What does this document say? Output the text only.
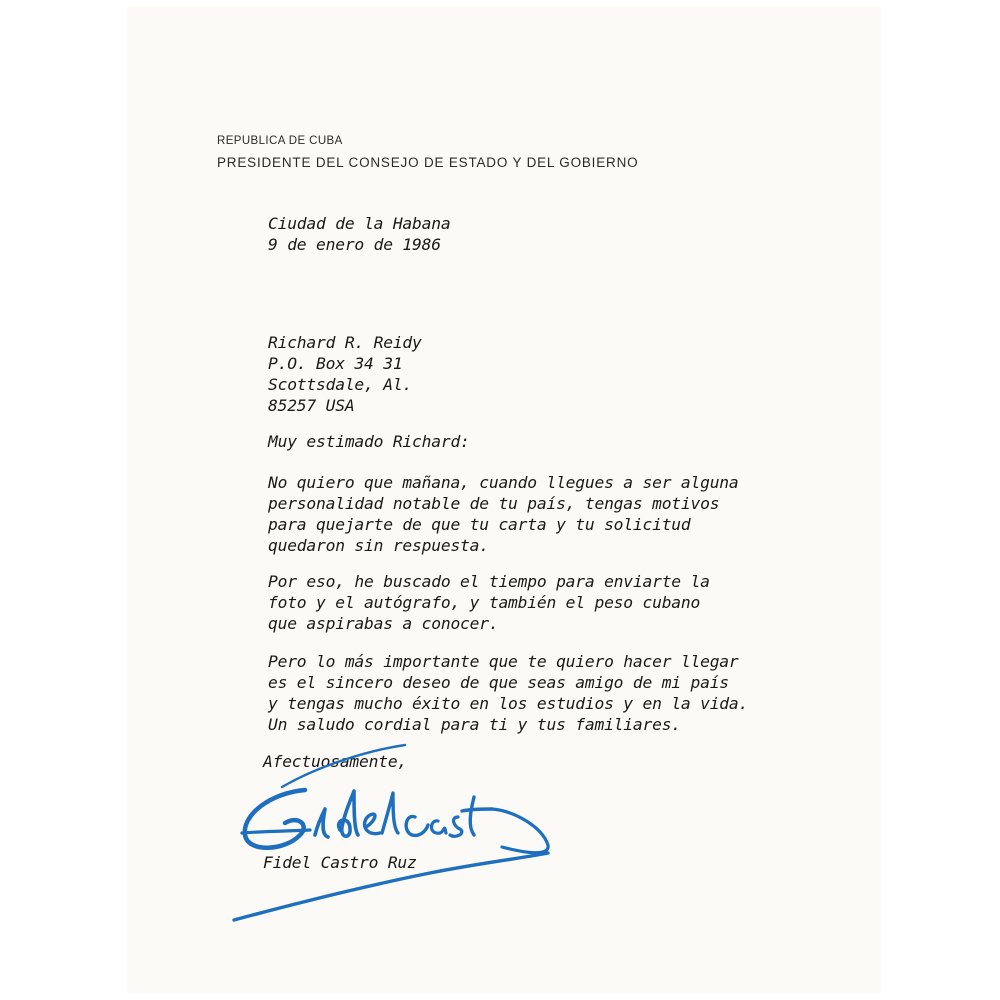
REPUBLICA DE CUBA
PRESIDENTE DEL CONSEJO DE ESTADO Y DEL GOBIERNO
Ciudad de la Habana
9 de enero de 1986
Richard R. Reidy
P.O. Box 34 31
Scottsdale, Al.
85257 USA
Muy estimado Richard:
No quiero que mañana, cuando llegues a ser alguna
personalidad notable de tu país, tengas motivos
para quejarte de que tu carta y tu solicitud
quedaron sin respuesta.
Por eso, he buscado el tiempo para enviarte la
foto y el autógrafo, y también el peso cubano
que aspirabas a conocer.
Pero lo más importante que te quiero hacer llegar
es el sincero deseo de que seas amigo de mi país
y tengas mucho éxito en los estudios y en la vida.
Un saludo cordial para ti y tus familiares.
Afectuosamente,
Fidel Castro Ruz
